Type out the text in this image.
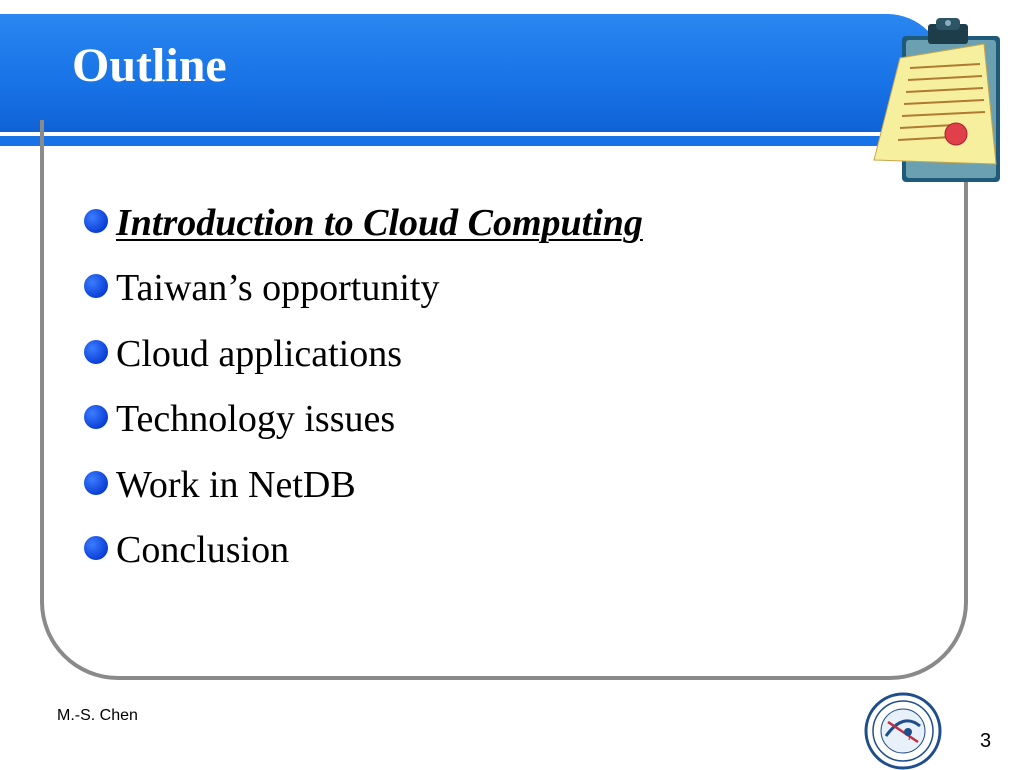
Outline
Introduction to Cloud Computing
Taiwan’s opportunity
Cloud applications
Technology issues
Work in NetDB
Conclusion
M.-S. Chen
i	3
